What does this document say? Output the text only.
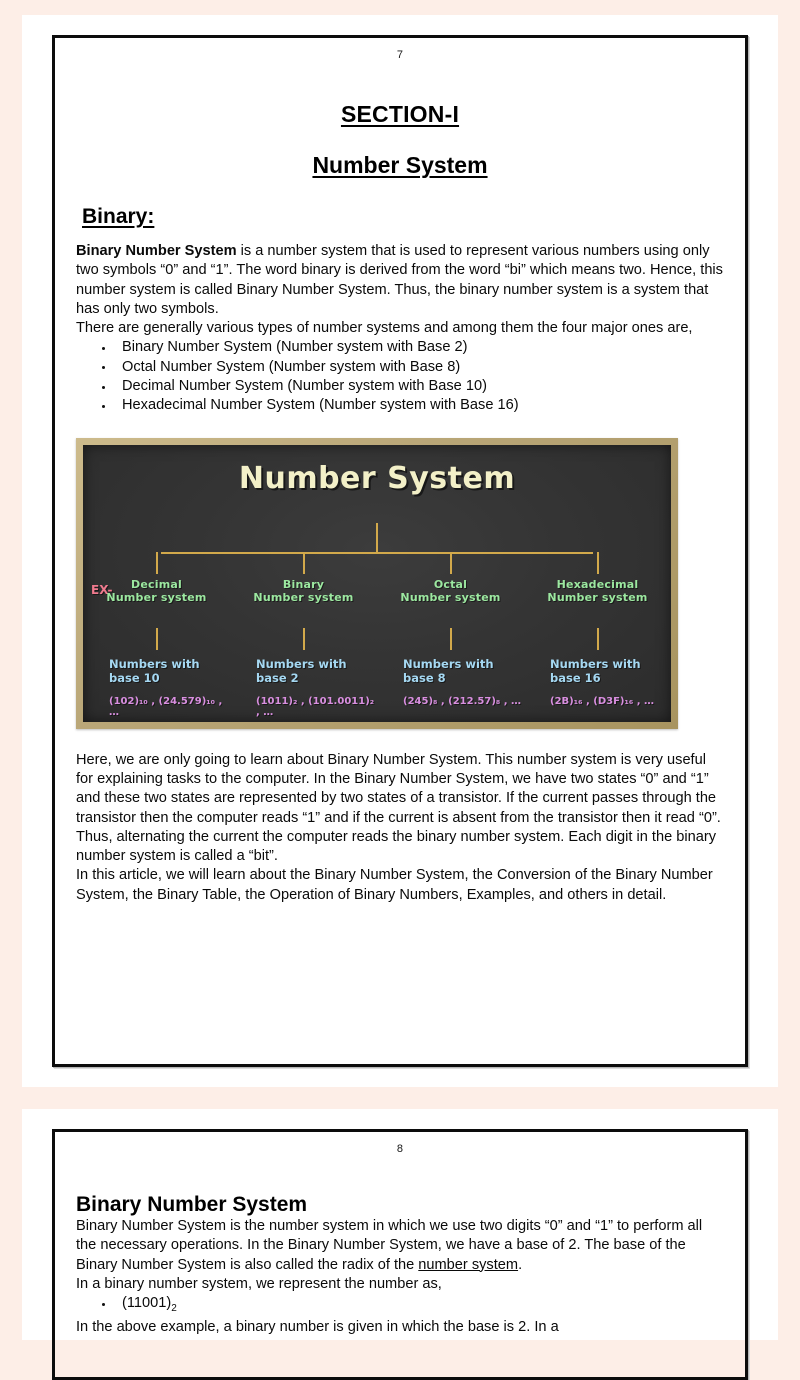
7
SECTION-I
Number System
Binary:

Binary Number System is a number system that is used to represent various numbers using only two symbols “0” and “1”. The word binary is derived from the word “bi” which means two. Hence, this number system is called Binary Number System. Thus, the binary number system is a system that has only two symbols.

There are generally various types of number systems and among them the four major ones are,

Binary Number System (Number system with Base 2)
Octal Number System (Number system with Base 8)
Decimal Number System (Number system with Base 10)
Hexadecimal Number System (Number system with Base 16)
Number System
EX-	Decimal
Number system
Numbers with
base 10
(102)₁₀ , (24.579)₁₀ , …
Binary
Number system
Numbers with
base 2
(1011)₂ , (101.0011)₂ , …
Octal
Number system
Numbers with
base 8
(245)₈ , (212.57)₈ , …
Hexadecimal
Number system
Numbers with
base 16
(2B)₁₆ , (D3F)₁₆ , …

Here, we are only going to learn about Binary Number System. This number system is very useful for explaining tasks to the computer. In the Binary Number System, we have two states “0” and “1” and these two states are represented by two states of a transistor. If the current passes through the transistor then the computer reads “1” and if the current is absent from the transistor then it read “0”. Thus, alternating the current the computer reads the binary number system. Each digit in the binary number system is called a “bit”.

In this article, we will learn about the Binary Number System, the Conversion of the Binary Number System, the Binary Table, the Operation of Binary Numbers, Examples, and others in detail.

8
Binary Number System

Binary Number System is the number system in which we use two digits “0” and “1” to perform all the necessary operations. In the Binary Number System, we have a base of 2. The base of the Binary Number System is also called the radix of the number system.

In a binary number system, we represent the number as,

$(11001)_2$

In the above example, a binary number is given in which the base is 2. In a
